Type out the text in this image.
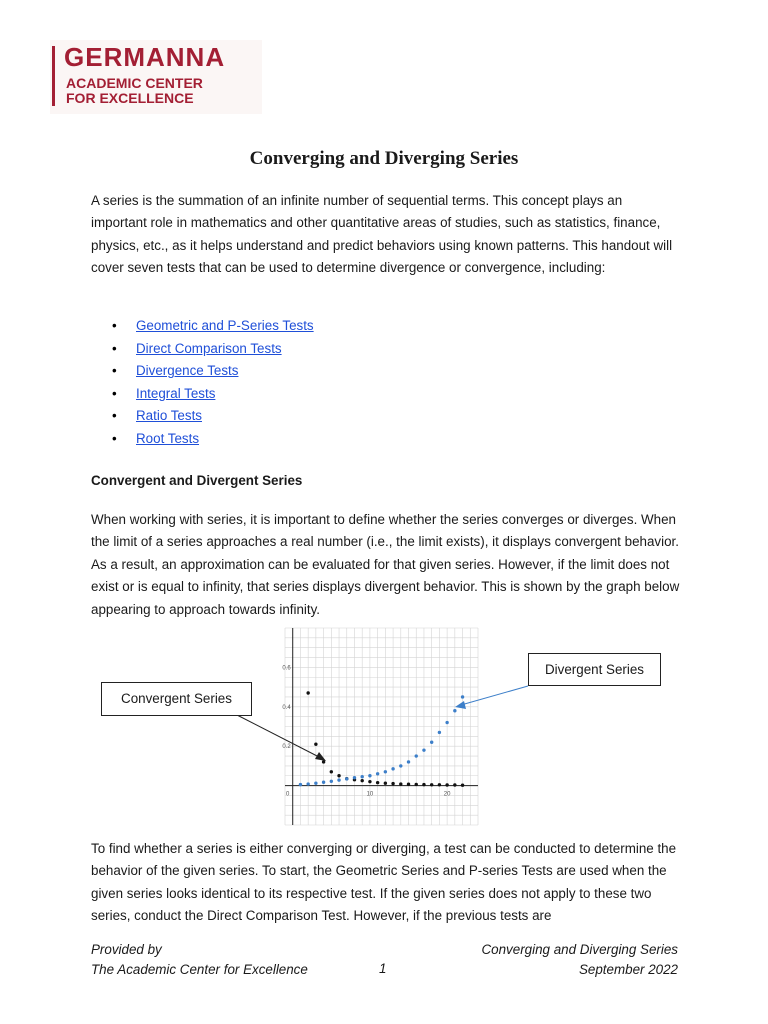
GERMANNA
ACADEMIC CENTER
FOR EXCELLENCE
Converging and Diverging Series

A series is the summation of an infinite number of sequential terms. This concept plays an important role in mathematics and other quantitative areas of studies, such as statistics, finance, physics, etc., as it helps understand and predict behaviors using known patterns. This handout will cover seven tests that can be used to determine divergence or convergence, including:

• Geometric and P-Series Tests
• Direct Comparison Tests
• Divergence Tests
• Integral Tests
• Ratio Tests
• Root Tests
Convergent and Divergent Series

When working with series, it is important to define whether the series converges or diverges. When the limit of a series approaches a real number (i.e., the limit exists), it displays convergent behavior. As a result, an approximation can be evaluated for that given series. However, if the limit does not exist or is equal to infinity, that series displays divergent behavior. This is shown by the graph below appearing to approach towards infinity.

0	10	20
0.2
0.4
0.6
Convergent Series
Divergent Series

To find whether a series is either converging or diverging, a test can be conducted to determine the behavior of the given series. To start, the Geometric Series and P-series Tests are used when the given series looks identical to its respective test. If the given series does not apply to these two series, conduct the Direct Comparison Test. However, if the previous tests are

Provided by
The Academic Center for Excellence	1
Converging and Diverging Series
September 2022
